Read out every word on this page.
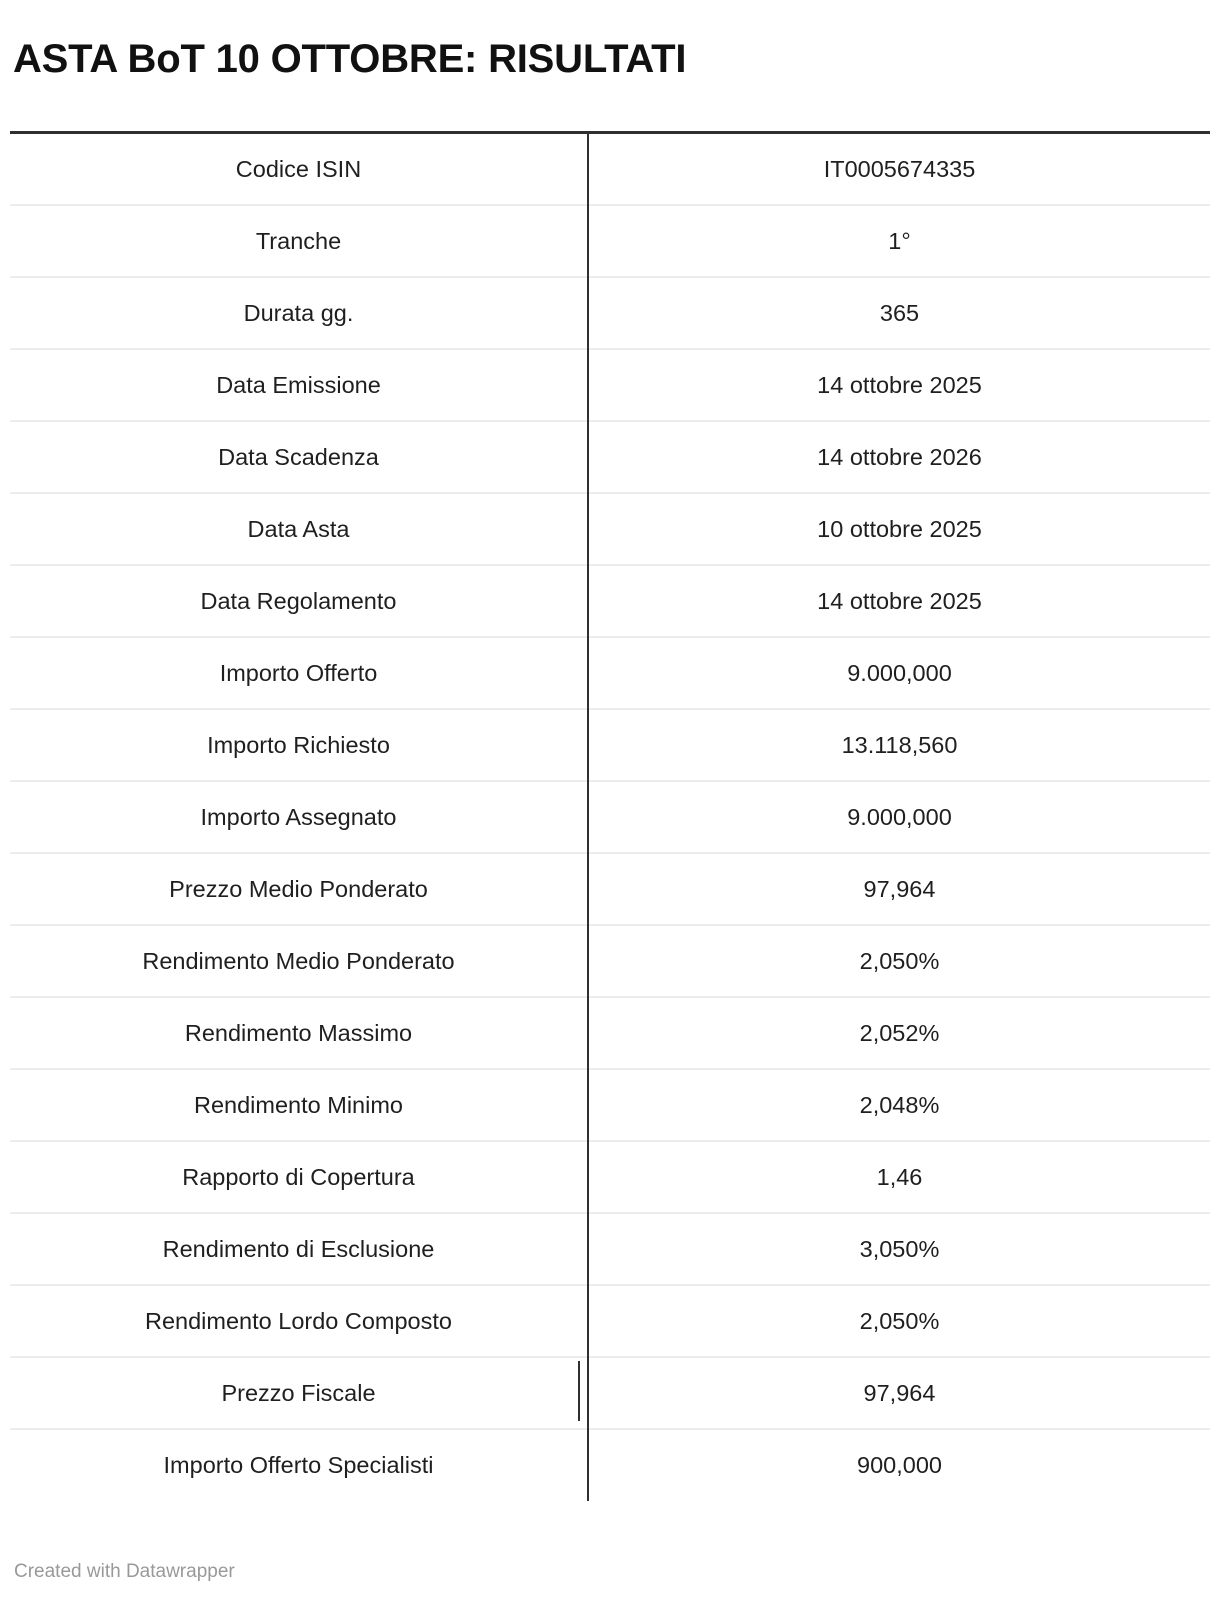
ASTA BoT 10 OTTOBRE: RISULTATI
Codice ISIN	IT0005674335
Tranche	1°
Durata gg.	365
Data Emissione	14 ottobre 2025
Data Scadenza	14 ottobre 2026
Data Asta	10 ottobre 2025
Data Regolamento	14 ottobre 2025
Importo Offerto	9.000,000
Importo Richiesto	13.118,560
Importo Assegnato	9.000,000
Prezzo Medio Ponderato	97,964
Rendimento Medio Ponderato	2,050%
Rendimento Massimo	2,052%
Rendimento Minimo	2,048%
Rapporto di Copertura	1,46
Rendimento di Esclusione	3,050%
Rendimento Lordo Composto	2,050%
Prezzo Fiscale	97,964
Importo Offerto Specialisti	900,000
Created with Datawrapper
